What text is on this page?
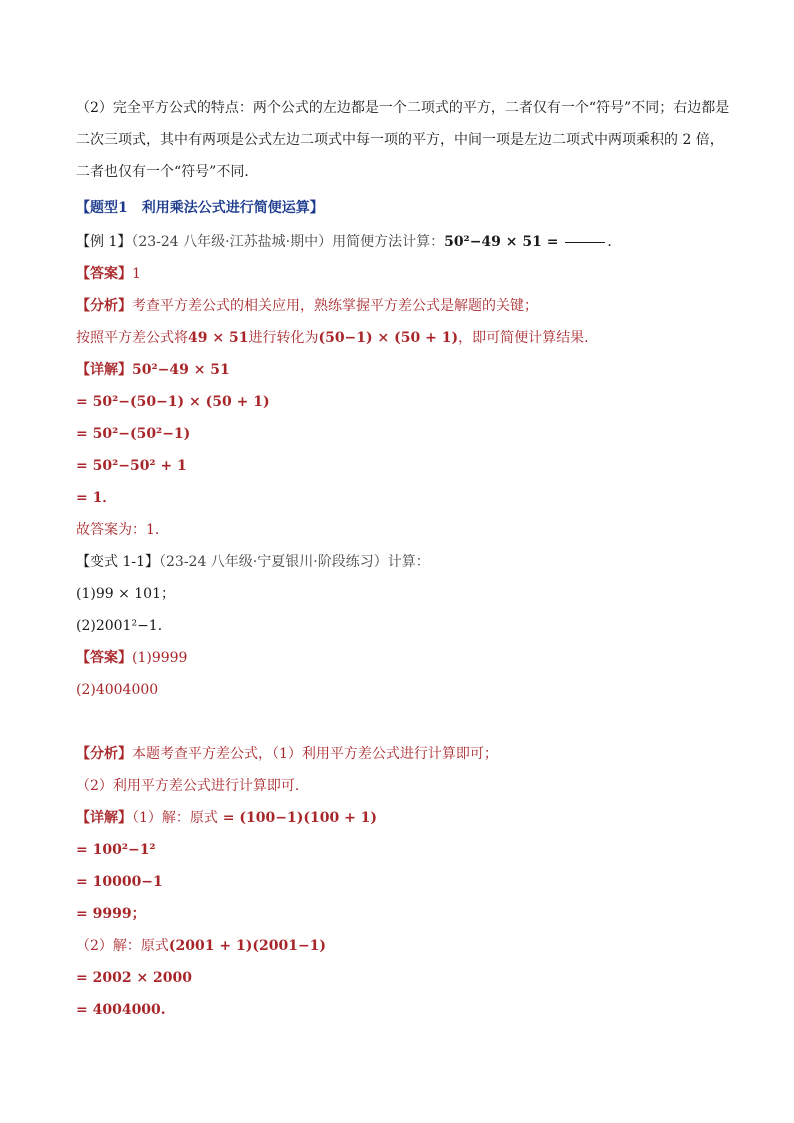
（2）完全平方公式的特点：两个公式的左边都是一个二项式的平方，二者仅有一个“符号”不同；右边都是
二次三项式，其中有两项是公式左边二项式中每一项的平方，中间一项是左边二项式中两项乘积的 2 倍，
二者也仅有一个“符号”不同．
【题型1　利用乘法公式进行简便运算】
【例 1】（23-24 八年级·江苏盐城·期中）用简便方法计算：50²−49 × 51 =	．
【答案】1
【分析】考查平方差公式的相关应用，熟练掌握平方差公式是解题的关键；
按照平方差公式将49 × 51进行转化为(50−1) × (50 + 1)，即可简便计算结果.
【详解】50²−49 × 51
= 50²−(50−1) × (50 + 1)
= 50²−(50²−1)
= 50²−50² + 1
= 1．
故答案为：1．
【变式 1-1】（23-24 八年级·宁夏银川·阶段练习）计算：
(1)99 × 101；
(2)2001²−1．
【答案】(1)9999
(2)4004000
【分析】本题考查平方差公式，（1）利用平方差公式进行计算即可；
（2）利用平方差公式进行计算即可．
【详解】（1）解：原式 = (100−1)(100 + 1)
= 100²−1²
= 10000−1
= 9999；
（2）解：原式(2001 + 1)(2001−1)
= 2002 × 2000
= 4004000.
